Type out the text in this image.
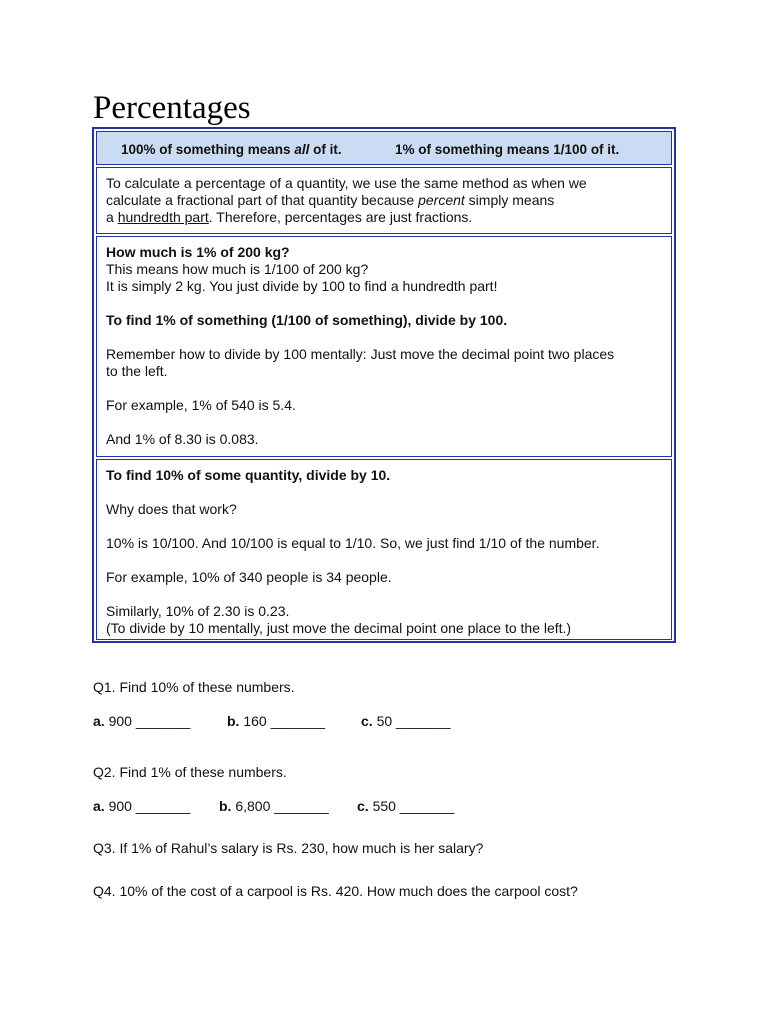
Percentages
100% of something means all of it.	1% of something means 1/100 of it.

To calculate a percentage of a quantity, we use the same method as when we

calculate a fractional part of that quantity because percent simply means

a hundredth part. Therefore, percentages are just fractions.

How much is 1% of 200 kg?

This means how much is 1/100 of 200 kg?

It is simply 2 kg. You just divide by 100 to find a hundredth part!

To find 1% of something (1/100 of something), divide by 100.

Remember how to divide by 100 mentally: Just move the decimal point two places

to the left.

For example, 1% of 540 is 5.4.

And 1% of 8.30 is 0.083.

To find 10% of some quantity, divide by 10.

Why does that work?

10% is 10/100. And 10/100 is equal to 1/10. So, we just find 1/10 of the number.

For example, 10% of 340 people is 34 people.

Similarly, 10% of 2.30 is 0.23.

(To divide by 10 mentally, just move the decimal point one place to the left.)

Q1. Find 10% of these numbers.

a. 900 _______	b. 160 _______	c. 50 _______

Q2. Find 1% of these numbers.

a. 900 _______ b. 6,800 _______ c. 550 _______

Q3. If 1% of Rahul’s salary is Rs. 230, how much is her salary?

Q4. 10% of the cost of a carpool is Rs. 420. How much does the carpool cost?
